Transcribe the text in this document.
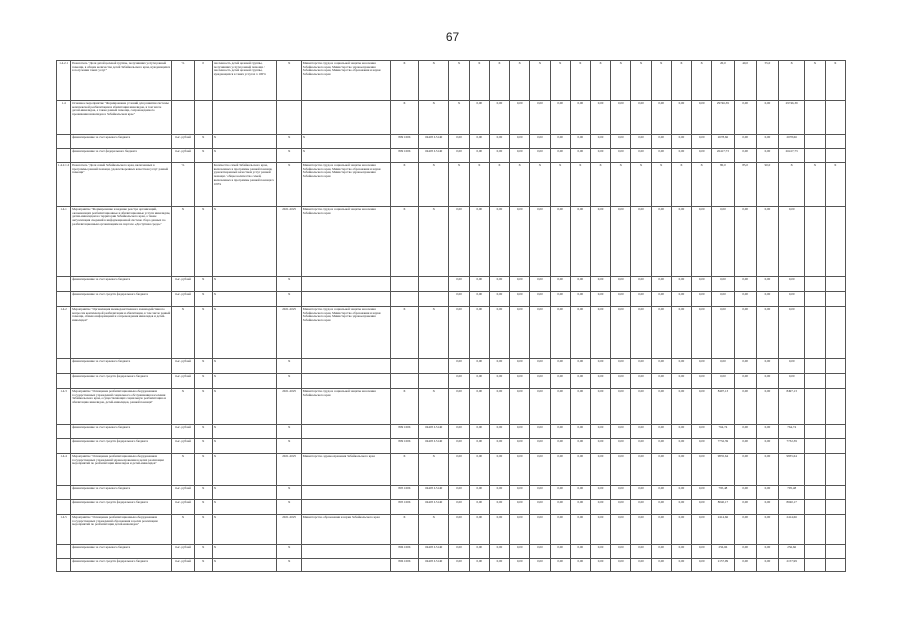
67
1.4.2.1	Показатель "Доля детей целевой группы, получивших услуги ранней помощи, в общем количестве детей Забайкальского края, нуждающихся в получении таких услуг"	%	0	численность детей целевой группы, получивших услуги ранней помощи / численность детей целевой группы, нуждающихся в таких услугах х 100%	X	Министерство труда и социальной защиты населения Забайкальского края, Министерство здравоохранения Забайкальского края, Министерство образования и науки Забайкальского края	X	X	X	X	X	X	X	X	X	X	X	X	X	X	X	20,0	40,0	55,0	X	X	X
1.4	Основное мероприятие "Формирование условий для развития системы комплексной реабилитации и абилитации инвалидов, в том числе детей-инвалидов, а также ранней помощи, сопровождаемого проживания инвалидов в Забайкальском крае"						X	X	X	0,00	0,00	0,00	0,00	0,00	0,00	0,00	0,00	0,00	0,00	0,00	0,00	29746,39	0,00	0,00	29746,39		
	финансирование за счет краевого бюджета	тыс. рублей	X	X	X	X	809 1006	04405 L5140	0,00	0,00	0,00	0,00	0,00	0,00	0,00	0,00	0,00	0,00	0,00	0,00	0,00	2678,66	0,00	0,00	2678,66		
	финансирование за счет федерального бюджета	тыс. рублей	X	X	X	X	809 1006	04405 L5140	0,00	0,00	0,00	0,00	0,00	0,00	0,00	0,00	0,00	0,00	0,00	0,00	0,00	26417,73	0,00	0,00	26417,73		
1.4.2.1.2	Показатель "Доля семей Забайкальского края, включенных в программы ранней помощи, удовлетворенных качеством услуг ранней помощи"	%		Количество семей Забайкальского края, включенных в программы ранней помощи, удовлетворенных качеством услуг ранней помощи / общее количество семей, включенных в программы ранней помощи х 100%	X	Министерство труда и социальной защиты населения Забайкальского края, Министерство образования и науки Забайкальского края, Министерство здравоохранения Забайкальского края	X	X	X	X	X	X	X	X	X	X	X	X	X	X	X	80,0	85,0	90,0	X	X	X
1.4.1	Мероприятие "Формирование и ведение реестра организаций, оказывающих реабилитационные и абилитационные услуги инвалидам, детям-инвалидам на территории Забайкальского края, а также актуализация сведений в информационной системе сбора данных по реабилитационным организациям на портале «Доступная среда»"	X	X	X	2021-2025	Министерство труда и социальной защиты населения Забайкальского края	X	X	0,00	0,00	0,00	0,00	0,00	0,00	0,00	0,00	0,00	0,00	0,00	0,00	0,00	0,00	0,00	0,00	0,00		
	финансирование за счет краевого бюджета	тыс. рублей	X	X	X				0,00	0,00	0,00	0,00	0,00	0,00	0,00	0,00	0,00	0,00	0,00	0,00	0,00	0,00	0,00	0,00	0,00		
	финансирование за счет средств федерального бюджета	тыс. рублей	X	X	X				0,00	0,00	0,00	0,00	0,00	0,00	0,00	0,00	0,00	0,00	0,00	0,00	0,00	0,00	0,00	0,00	0,00		
1.4.2	Мероприятие "Организация межведомственного взаимодействия по вопросам комплексной реабилитации и абилитации, в том числе ранней помощи, обмена информацией и сопровождения инвалидов и детей-инвалидов"	X	X	X	2021-2025	Министерство труда и социальной защиты населения Забайкальского края, Министерство образования и науки Забайкальского края, Министерство здравоохранения Забайкальского края	X	X	0,00	0,00	0,00	0,00	0,00	0,00	0,00	0,00	0,00	0,00	0,00	0,00	0,00	0,00	0,00	0,00	0,00		
	финансирование за счет краевого бюджета	тыс. рублей	X	X	X				0,00	0,00	0,00	0,00	0,00	0,00	0,00	0,00	0,00	0,00	0,00	0,00	0,00	0,00	0,00	0,00	0,00		
	финансирование за счет средств федерального бюджета	тыс. рублей	X	X	X				0,00	0,00	0,00	0,00	0,00	0,00	0,00	0,00	0,00	0,00	0,00	0,00	0,00	0,00	0,00	0,00	0,00		
1.4.3	Мероприятие "Оснащение реабилитационным оборудованием государственных учреждений социального обслуживания населения Забайкальского края, осуществляющих социальную реабилитацию и абилитацию инвалидов, детей-инвалидов, ранней помощи"	X	X	X	2021-2025	Министерство труда и социальной защиты населения Забайкальского края	X	X	0,00	0,00	0,00	0,00	0,00	0,00	0,00	0,00	0,00	0,00	0,00	0,00	0,00	8497,13	0,00	0,00	8497,13		
	финансирование за счет краевого бюджета	тыс. рублей	X	X	X		809 1006	04405 L5140	0,00	0,00	0,00	0,00	0,00	0,00	0,00	0,00	0,00	0,00	0,00	0,00	0,00	764,74	0,00	0,00	764,74		
	финансирование за счет средств федерального бюджета	тыс. рублей	X	X	X		809 1006	04405 L5140	0,00	0,00	0,00	0,00	0,00	0,00	0,00	0,00	0,00	0,00	0,00	0,00	0,00	7732,39	0,00	0,00	7732,39		
1.4.4	Мероприятие "Оснащение реабилитационным оборудованием государственных учреждений здравоохранения в целях реализации мероприятий по реабилитации инвалидов и детей-инвалидов"	X	X	X	2021-2025	Министерство здравоохранения Забайкальского края	X	X	0,00	0,00	0,00	0,00	0,00	0,00	0,00	0,00	0,00	0,00	0,00	0,00	0,00	9835,64	0,00	0,00	9835,64		
	финансирование за счет краевого бюджета	тыс. рублей	X	X	X		805 1006	04405 L5140	0,00	0,00	0,00	0,00	0,00	0,00	0,00	0,00	0,00	0,00	0,00	0,00	0,00	795,48	0,00	0,00	795,48		
	финансирование за счет средств федерального бюджета	тыс. рублей	X	X	X		805 1006	04405 L5140	0,00	0,00	0,00	0,00	0,00	0,00	0,00	0,00	0,00	0,00	0,00	0,00	0,00	8040,17	0,00	0,00	8040,17		
1.4.5	Мероприятие "Оснащение реабилитационным оборудованием государственных учреждений образования в целях реализации мероприятий по реабилитации детей-инвалидов"	X	X	X	2021-2025	Министерство образования и науки Забайкальского края	X	X	0,00	0,00	0,00	0,00	0,00	0,00	0,00	0,00	0,00	0,00	0,00	0,00	0,00	2414,66	0,00	0,00	2414,66		
	финансирование за счет краевого бюджета	тыс. рублей	X	X	X		806 1006	04405 L5140	0,00	0,00	0,00	0,00	0,00	0,00	0,00	0,00	0,00	0,00	0,00	0,00	0,00	256,66	0,00	0,00	256,66		
	финансирование за счет средств федерального бюджета	тыс. рублей	X	X	X		806 1006	04405 L5140	0,00	0,00	0,00	0,00	0,00	0,00	0,00	0,00	0,00	0,00	0,00	0,00	0,00	2157,99	0,00	0,00	2157,99		
